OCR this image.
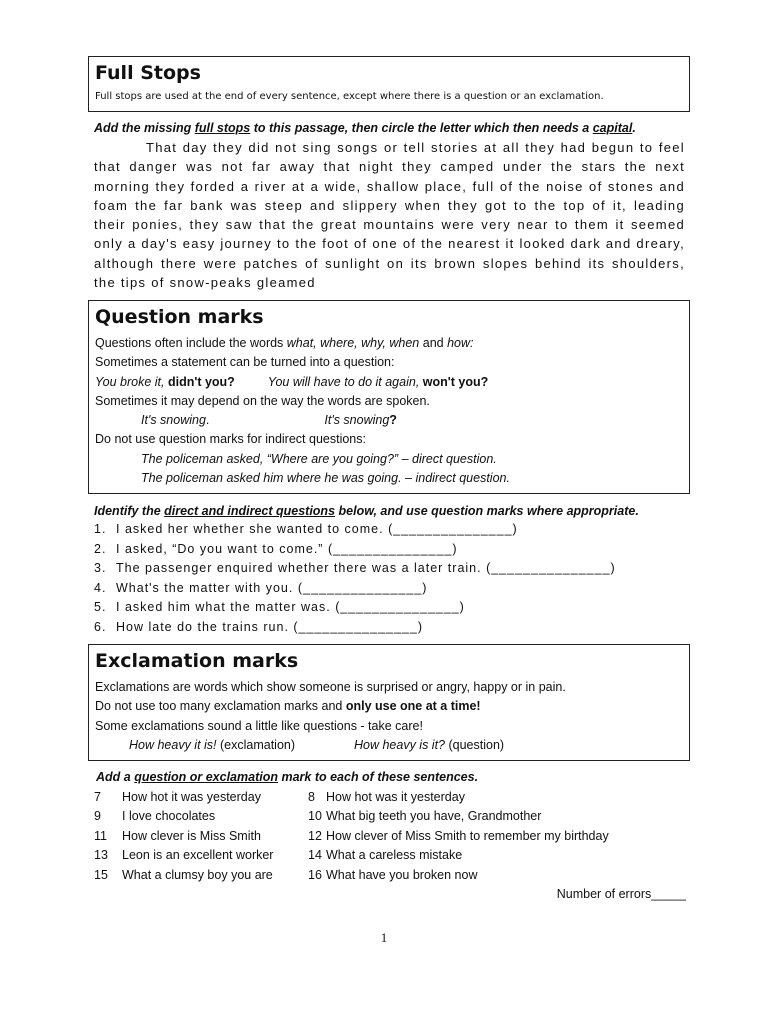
Full Stops
Full stops are used at the end of every sentence, except where there is a question or an exclamation.
Add the missing full stops to this passage, then circle the letter which then needs a capital.
That day they did not sing songs or tell stories at all they had begun to feel that danger was not far away that night they camped under the stars the next morning they forded a river at a wide, shallow place, full of the noise of stones and foam the far bank was steep and slippery when they got to the top of it, leading their ponies, they saw that the great mountains were very near to them it seemed only a day's easy journey to the foot of one of the nearest it looked dark and dreary, although there were patches of sunlight on its brown slopes behind its shoulders, the tips of snow-peaks gleamed
Question marks
Questions often include the words what, where, why, when and how:
Sometimes a statement can be turned into a question:
You broke it, didn't you?	You will have to do it again, won't you?
Sometimes it may depend on the way the words are spoken.
It's snowing.	It's snowing?
Do not use question marks for indirect questions:
The policeman asked, “Where are you going?” – direct question.
The policeman asked him where he was going. – indirect question.
Identify the direct and indirect questions below, and use question marks where appropriate.
1. I asked her whether she wanted to come. (_______________)
2. I asked, “Do you want to come.” (_______________)
3. The passenger enquired whether there was a later train. (_______________)
4. What's the matter with you. (_______________)
5. I asked him what the matter was. (_______________)
6. How late do the trains run. (_______________)
Exclamation marks
Exclamations are words which show someone is surprised or angry, happy or in pain.
Do not use too many exclamation marks and only use one at a time!
Some exclamations sound a little like questions - take care!
How heavy it is! (exclamation)	How heavy is it? (question)
Add a question or exclamation mark to each of these sentences.
7 How hot it was yesterday	8 How hot was it yesterday
9 I love chocolates	10 What big teeth you have, Grandmother
11 How clever is Miss Smith	12 How clever of Miss Smith to remember my birthday
13 Leon is an excellent worker	14 What a careless mistake
15 What a clumsy boy you are	16 What have you broken now
Number of errors_____
1
